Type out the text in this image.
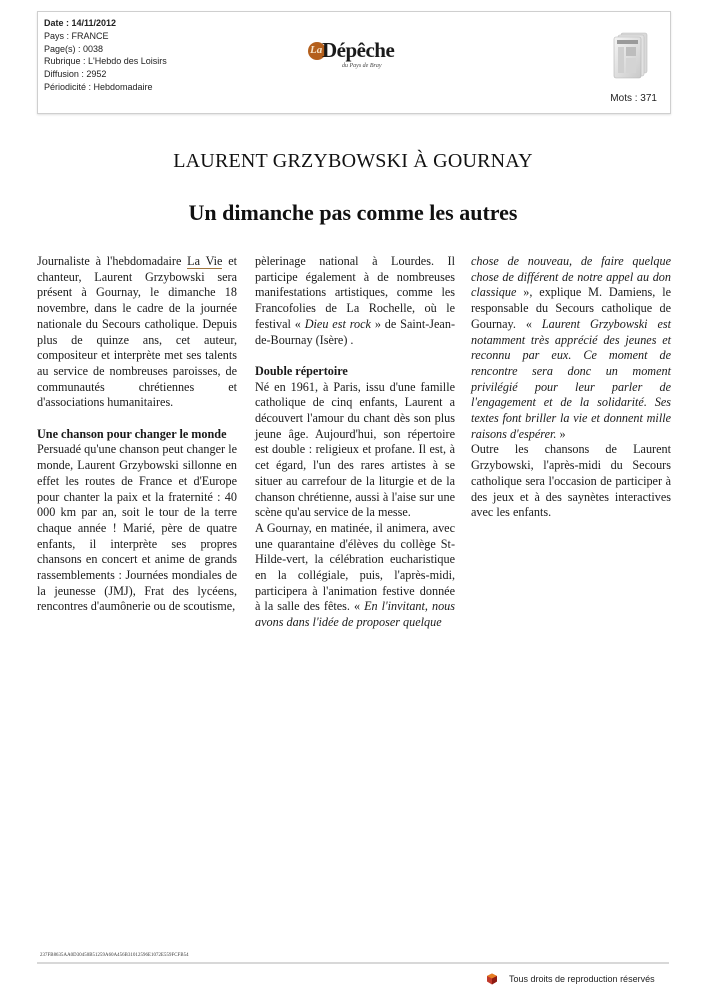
Date : 14/11/2012
Pays : FRANCE
Page(s) : 0038
Rubrique : L'Hebdo des Loisirs
Diffusion : 2952
Périodicité : Hebdomadaire
La Dépêche
du Pays de Bray
Mots : 371
LAURENT GRZYBOWSKI À GOURNAY
Un dimanche pas comme les autres

Journaliste à l'hebdomadaire La Vie et chanteur, Laurent Grzybowski sera présent à Gournay, le dimanche 18 novembre, dans le cadre de la journée nationale du Secours catholique. Depuis plus de quinze ans, cet auteur, compositeur et interprète met ses talents au service de nombreuses paroisses, de communautés chrétiennes et d'associations humanitaires.

Une chanson pour changer le monde

Persuadé qu'une chanson peut changer le monde, Laurent Grzybowski sillonne en effet les routes de France et d'Europe pour chanter la paix et la fraternité : 40 000 km par an, soit le tour de la terre chaque année ! Marié, père de quatre enfants, il interprète ses propres chansons en concert et anime de grands rassemblements : Journées mondiales de la jeunesse (JMJ), Frat des lycéens, rencontres d'aumônerie ou de scoutisme,

pèlerinage national à Lourdes. Il participe également à de nombreuses manifestations artistiques, comme les Francofolies de La Rochelle, où le festival « Dieu est rock » de Saint-Jean-de-Bournay (Isère) .

Double répertoire

Né en 1961, à Paris, issu d'une famille catholique de cinq enfants, Laurent a découvert l'amour du chant dès son plus jeune âge. Aujourd'hui, son répertoire est double : religieux et profane. Il est, à cet égard, l'un des rares artistes à se situer au carrefour de la liturgie et de la chanson chrétienne, aussi à l'aise sur une scène qu'au service de la messe.

A Gournay, en matinée, il animera, avec une quarantaine d'élèves du collège St-Hilde-vert, la célébration eucharistique en la collégiale, puis, l'après-midi, participera à l'animation festive donnée à la salle des fêtes. « En l'invitant, nous avons dans l'idée de proposer quelque

chose de nouveau, de faire quelque chose de différent de notre appel au don classique », explique M. Damiens, le responsable du Secours catholique de Gournay. « Laurent Grzybowski est notamment très apprécié des jeunes et reconnu par eux. Ce moment de rencontre sera donc un moment privilégié pour leur parler de l'engagement et de la solidarité. Ses textes font briller la vie et donnent mille raisons d'espérer. »

Outre les chansons de Laurent Grzybowski, l'après-midi du Secours catholique sera l'occasion de participer à des jeux et à des saynètes interactives avec les enfants.

237FB8635AA0D30450B51259A60A456B31012596E1072E559FCFB54
Tous droits de reproduction réservés
